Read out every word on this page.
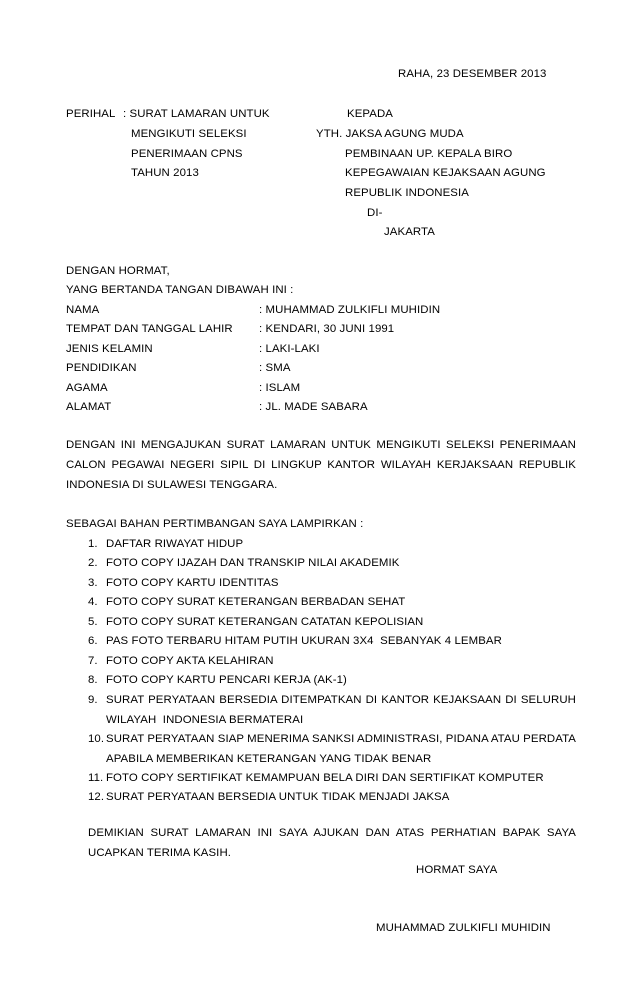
RAHA, 23 DESEMBER 2013
PERIHAL : SURAT LAMARAN UNTUK
MENGIKUTI SELEKSI
PENERIMAAN CPNS
TAHUN 2013
KEPADA
YTH. JAKSA AGUNG MUDA
PEMBINAAN UP. KEPALA BIRO
KEPEGAWAIAN KEJAKSAAN AGUNG
REPUBLIK INDONESIA
DI-
JAKARTA
DENGAN HORMAT,
YANG BERTANDA TANGAN DIBAWAH INI :
NAMA	: MUHAMMAD ZULKIFLI MUHIDIN
TEMPAT DAN TANGGAL LAHIR : KENDARI, 30 JUNI 1991
JENIS KELAMIN	: LAKI-LAKI
PENDIDIKAN	: SMA
AGAMA	: ISLAM
ALAMAT	: JL. MADE SABARA
DENGAN INI MENGAJUKAN SURAT LAMARAN UNTUK MENGIKUTI SELEKSI PENERIMAAN
CALON PEGAWAI NEGERI SIPIL DI LINGKUP KANTOR WILAYAH KERJAKSAAN REPUBLIK
INDONESIA DI SULAWESI TENGGARA.
SEBAGAI BAHAN PERTIMBANGAN SAYA LAMPIRKAN :
1. DAFTAR RIWAYAT HIDUP
2. FOTO COPY IJAZAH DAN TRANSKIP NILAI AKADEMIK
3. FOTO COPY KARTU IDENTITAS
4. FOTO COPY SURAT KETERANGAN BERBADAN SEHAT
5. FOTO COPY SURAT KETERANGAN CATATAN KEPOLISIAN
6. PAS FOTO TERBARU HITAM PUTIH UKURAN 3X4  SEBANYAK 4 LEMBAR
7. FOTO COPY AKTA KELAHIRAN
8. FOTO COPY KARTU PENCARI KERJA (AK-1)
9. SURAT PERYATAAN BERSEDIA DITEMPATKAN DI KANTOR KEJAKSAAN DI SELURUH
WILAYAH  INDONESIA BERMATERAI
10. SURAT PERYATAAN SIAP MENERIMA SANKSI ADMINISTRASI, PIDANA ATAU PERDATA
APABILA MEMBERIKAN KETERANGAN YANG TIDAK BENAR
11. FOTO COPY SERTIFIKAT KEMAMPUAN BELA DIRI DAN SERTIFIKAT KOMPUTER
12. SURAT PERYATAAN BERSEDIA UNTUK TIDAK MENJADI JAKSA
DEMIKIAN SURAT LAMARAN INI SAYA AJUKAN DAN ATAS PERHATIAN BAPAK SAYA
UCAPKAN TERIMA KASIH.
HORMAT SAYA
MUHAMMAD ZULKIFLI MUHIDIN
